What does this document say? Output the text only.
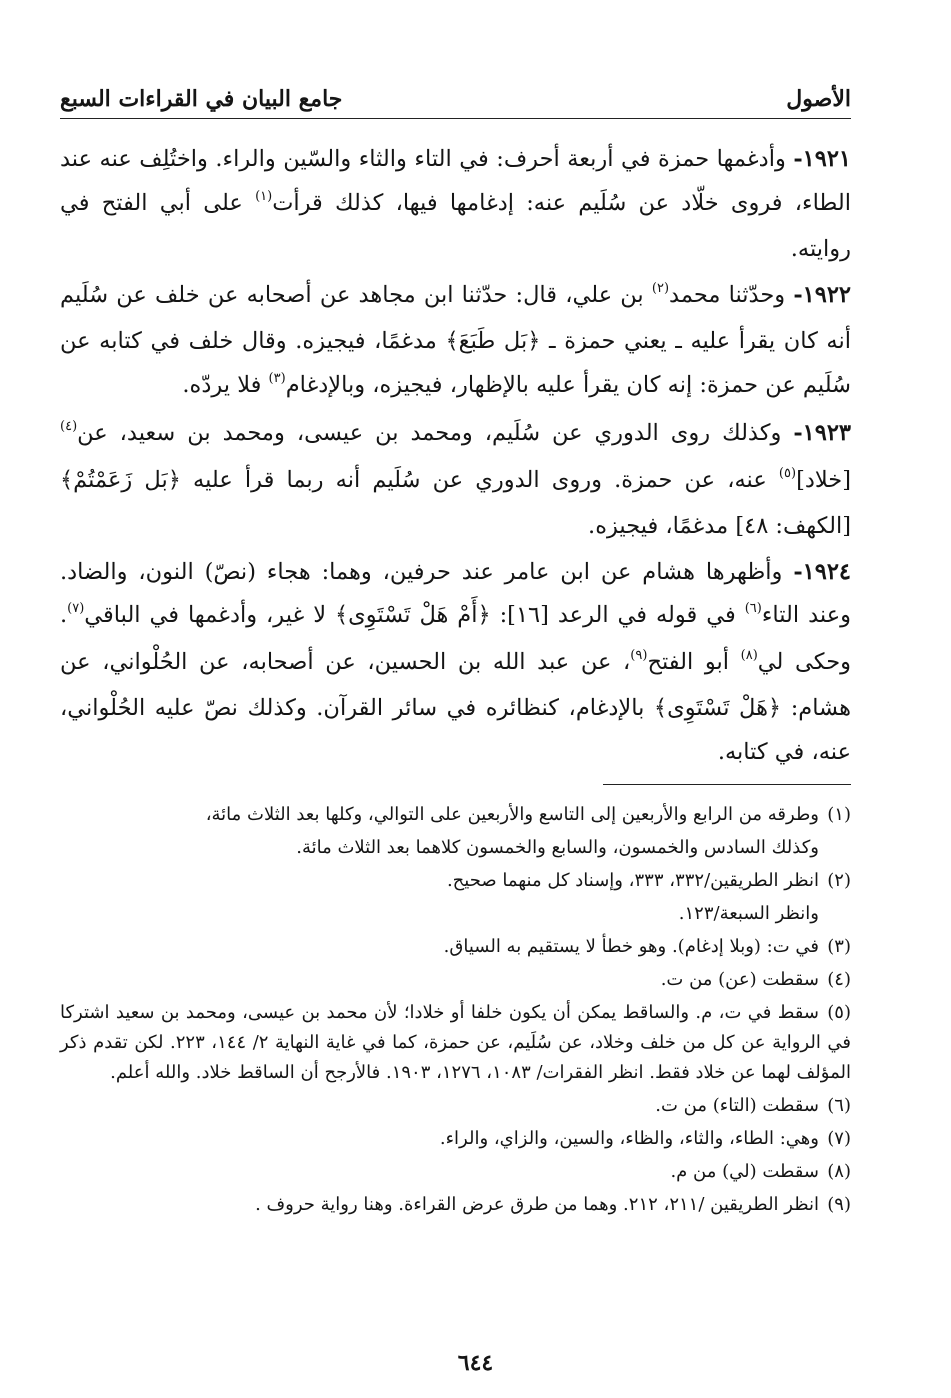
الأصول
جامع البيان في القراءات السبع

١٩٢١- وأدغمها حمزة في أربعة أحرف: في التاء والثاء والسّين والراء. واختُلِف عنه عند الطاء، فروى خلّاد عن سُلَيم عنه: إدغامها فيها، كذلك قرأت$^{(١)}$ على أبي الفتح في روايته.

١٩٢٢- وحدّثنا محمد$^{(٢)}$ بن علي، قال: حدّثنا ابن مجاهد عن أصحابه عن خلف عن سُلَيم أنه كان يقرأ عليه ـ يعني حمزة ـ ﴿بَل طَبَعَ﴾ مدغمًا، فيجيزه. وقال خلف في كتابه عن سُلَيم عن حمزة: إنه كان يقرأ عليه بالإظهار، فيجيزه، وبالإدغام$^{(٣)}$ فلا يردّه.

١٩٢٣- وكذلك روى الدوري عن سُلَيم، ومحمد بن عيسى، ومحمد بن سعيد، عن$^{(٤)}$ [خلاد]$^{(٥)}$ عنه، عن حمزة. وروى الدوري عن سُلَيم أنه ربما قرأ عليه ﴿بَل زَعَمْتُمْ﴾ [الكهف: ٤٨] مدغمًا، فيجيزه.

١٩٢٤- وأظهرها هشام عن ابن عامر عند حرفين، وهما: هجاء (نصّ) النون، والضاد. وعند التاء$^{(٦)}$ في قوله في الرعد [١٦]: ﴿أَمْ هَلْ تَسْتَوِى﴾ لا غير، وأدغمها في الباقي$^{(٧)}$. وحكى لي$^{(٨)}$ أبو الفتح$^{(٩)}$، عن عبد الله بن الحسين، عن أصحابه، عن الحُلْواني، عن هشام: ﴿هَلْ تَسْتَوِى﴾ بالإدغام، كنظائره في سائر القرآن. وكذلك نصّ عليه الحُلْواني، عنه، في كتابه.

(١)وطرقه من الرابع والأربعين إلى التاسع والأربعين على التوالي، وكلها بعد الثلاث مائة،
وكذلك السادس والخمسون، والسابع والخمسون كلاهما بعد الثلاث مائة.
(٢)انظر الطريقين/٣٣٢، ٣٣٣، وإسناد كل منهما صحيح.
وانظر السبعة/١٢٣.
(٣)في ت: (وبلا إدغام). وهو خطأ لا يستقيم به السياق.
(٤)سقطت (عن) من ت.
(٥)سقط في ت، م. والساقط يمكن أن يكون خلفا أو خلادا؛ لأن محمد بن عيسى، ومحمد بن سعيد اشتركا في الرواية عن كل من خلف وخلاد، عن سُلَيم، عن حمزة، كما في غاية النهاية ٢/ ١٤٤، ٢٢٣. لكن تقدم ذكر المؤلف لهما عن خلاد فقط. انظر الفقرات/ ١٠٨٣، ١٢٧٦، ١٩٠٣. فالأرجح أن الساقط خلاد. والله أعلم.
(٦)سقطت (التاء) من ت.
(٧)وهي: الطاء، والثاء، والظاء، والسين، والزاي، والراء.
(٨)سقطت (لي) من م.
(٩)انظر الطريقين /٢١١، ٢١٢. وهما من طرق عرض القراءة. وهنا رواية حروف .
٦٤٤
